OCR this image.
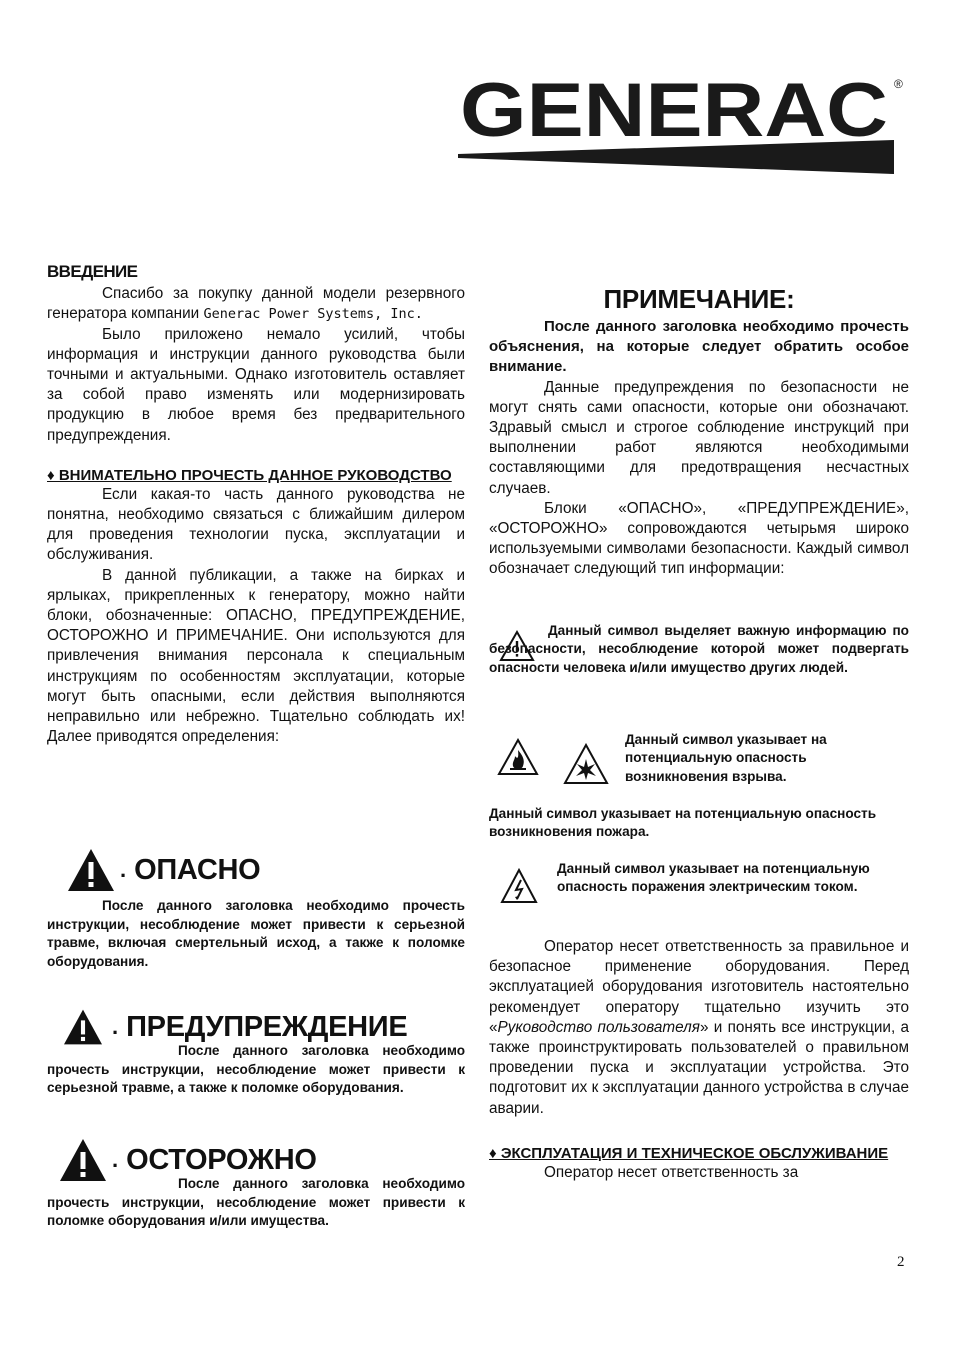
GENERAC ®
ВВЕДЕНИЕ

Спасибо за покупку данной модели резервного генератора компании Generac Power Systems, Inc.

Было приложено немало усилий, чтобы информация и инструкции данного руководства были точными и актуальными. Однако изготовитель оставляет за собой право изменять или модернизировать продукцию в любое время без предварительного предупреждения.

♦ ВНИМАТЕЛЬНО ПРОЧЕСТЬ ДАННОЕ РУКОВОДСТВО

Если какая-то часть данного руководства не понятна, необходимо связаться с ближайшим дилером для проведения технологии пуска, эксплуатации и обслуживания.

В данной публикации, а также на бирках и ярлыках, прикрепленных к генератору, можно найти блоки, обозначенные: ОПАСНО, ПРЕДУПРЕЖДЕНИЕ, ОСТОРОЖНО И ПРИМЕЧАНИЕ. Они используются для привлечения внимания персонала к специальным инструкциям по особенностям эксплуатации, которые могут быть опасными, если действия выполняются неправильно или небрежно. Тщательно соблюдать их! Далее приводятся определения:

. ОПАСНО

После данного заголовка необходимо прочесть инструкции, несоблюдение может привести к серьезной травме, включая смертельный исход, а также к поломке оборудования.

. ПРЕДУПРЕЖДЕНИЕ

После данного заголовка необходимо прочесть инструкции, несоблюдение может привести к серьезной травме, а также к поломке оборудования.

. ОСТОРОЖНО

После данного заголовка необходимо прочесть инструкции, несоблюдение может привести к поломке оборудования и/или имущества.

ПРИМЕЧАНИЕ:

После данного заголовка необходимо прочесть объяснения, на которые следует обратить особое внимание.

Данные предупреждения по безопасности не могут снять сами опасности, которые они обозначают. Здравый смысл и строгое соблюдение инструкций при выполнении работ являются необходимыми составляющими для предотвращения несчастных случаев.

Блоки «ОПАСНО», «ПРЕДУПРЕЖДЕНИЕ», «ОСТОРОЖНО» сопровождаются четырьмя широко используемыми символами безопасности. Каждый символ обозначает следующий тип информации:

Данный символ выделяет важную информацию по безопасности, несоблюдение которой может подвергать опасности человека и/или имущество других людей.

Данный символ указывает на потенциальную опасность возникновения взрыва.

Данный символ указывает на потенциальную опасность возникновения пожара.

Данный символ указывает на потенциальную опасность поражения электрическим током.

Оператор несет ответственность за правильное и безопасное применение оборудования. Перед эксплуатацией оборудования изготовитель настоятельно рекомендует оператору тщательно изучить это «Руководство пользователя» и понять все инструкции, а также проинструктировать пользователей о правильном проведении пуска и эксплуатации устройства. Это подготовит их к эксплуатации данного устройства в случае аварии.

♦ ЭКСПЛУАТАЦИЯ И ТЕХНИЧЕСКОЕ ОБСЛУЖИВАНИЕ

Оператор несет ответственность за

2
